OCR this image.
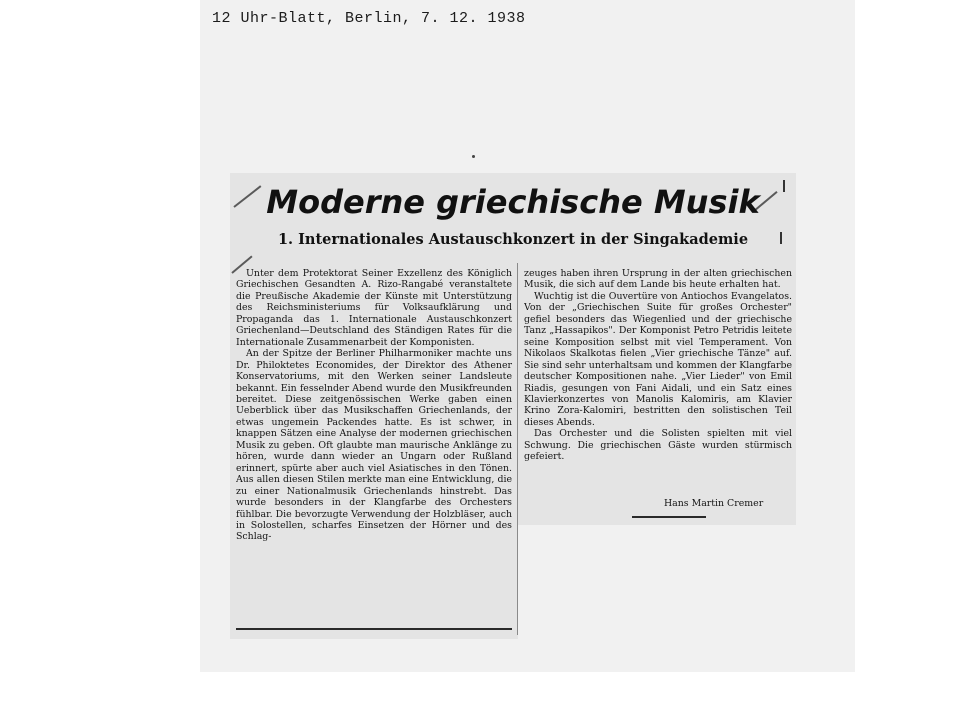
12 Uhr-Blatt, Berlin, 7. 12. 1938
Moderne griechische Musik
1. Internationales Austauschkonzert in der Singakademie

Unter dem Protektorat Seiner Exzellenz des Königlich Griechischen Gesandten A. Rizo-Rangabé veranstaltete die Preußische Akademie der Künste mit Unterstützung des Reichsministeriums für Volksaufklärung und Propaganda das 1. Internationale Austauschkonzert Griechenland—Deutschland des Ständigen Rates für die Internationale Zusammenarbeit der Komponisten.

An der Spitze der Berliner Philharmoniker machte uns Dr. Philoktetes Economides, der Direktor des Athener Konservatoriums, mit den Werken seiner Landsleute bekannt. Ein fesselnder Abend wurde den Musikfreunden bereitet. Diese zeitgenössischen Werke gaben einen Ueberblick über das Musikschaffen Griechenlands, der etwas ungemein Packendes hatte. Es ist schwer, in knappen Sätzen eine Analyse der modernen griechischen Musik zu geben. Oft glaubte man maurische Anklänge zu hören, wurde dann wieder an Ungarn oder Rußland erinnert, spürte aber auch viel Asiatisches in den Tönen. Aus allen diesen Stilen merkte man eine Entwicklung, die zu einer Nationalmusik Griechenlands hinstrebt. Das wurde besonders in der Klangfarbe des Orchesters fühlbar. Die bevorzugte Verwendung der Holzbläser, auch in Solostellen, scharfes Einsetzen der Hörner und des Schlag-

zeuges haben ihren Ursprung in der alten griechischen Musik, die sich auf dem Lande bis heute erhalten hat.

Wuchtig ist die Ouvertüre von Antiochos Evangelatos. Von der „Griechischen Suite für großes Orchester" gefiel besonders das Wiegenlied und der griechische Tanz „Hassapikos". Der Komponist Petro Petridis leitete seine Komposition selbst mit viel Temperament. Von Nikolaos Skalkotas fielen „Vier griechische Tänze" auf. Sie sind sehr unterhaltsam und kommen der Klangfarbe deutscher Kompositionen nahe. „Vier Lieder" von Emil Riadis, gesungen von Fani Aidali, und ein Satz eines Klavierkonzertes von Manolis Kalomiris, am Klavier Krino Zora-Kalomiri, bestritten den solistischen Teil dieses Abends.

Das Orchester und die Solisten spielten mit viel Schwung. Die griechischen Gäste wurden stürmisch gefeiert.

Hans Martin Cremer
